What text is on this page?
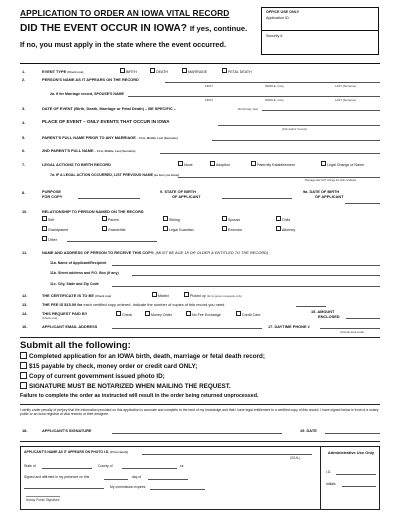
APPLICATION TO ORDER AN IOWA VITAL RECORD	OFFICE USE ONLY
Application ID
Security #
DID THE EVENT OCCUR IN IOWA? If yes, continue.
If no, you must apply in the state where the event occurred.
1.	EVENT TYPE (Check one)	BIRTH	DEATH	MARRIAGE	FETAL DEATH
2.	PERSON'S NAME AS IT APPEARS ON THE RECORD
FIRST	MIDDLE, if any	LAST (Surname)
2a. If for Marriage record, SPOUSE'S NAME
FIRST	MIDDLE, if any	LAST (Surname)
3.	DATE OF EVENT (Birth, Death, Marriage or Fetal Death) – BE SPECIFIC –	Month Day Year
4.	PLACE OF EVENT – ONLY EVENTS THAT OCCUR IN IOWA
(City and/or County)
5.	PARENT'S FULL NAME PRIOR TO ANY MARRIAGE – First, Middle, Last (Surname)
6.	2ND PARENT'S FULL NAME – First, Middle, Last (Surname)
7.	LEGAL ACTIONS TO BIRTH RECORD	None	Adoption	Paternity Establishment	Legal Change of Name
7a. IF A LEGAL ACTION OCCURRED, LIST PREVIOUS NAME (as best you know)
Marriage date NOT change the birth certificate
8.	PURPOSE
FOR COPY
9. STATE OF BIRTH
OF APPLICANT
9a. DATE OF BIRTH
OF APPLICANT
10.	RELATIONSHIP TO PERSON NAMED ON THE RECORD
Self	Parent	Sibling	Spouse	Child
Grandparent	Grandchild	Legal Guardian	Executor	Attorney
Other
11.	NAME AND ADDRESS OF PERSON TO RECEIVE THIS COPY: (MUST BE AGE 18 OR OLDER & ENTITLED TO THE RECORD)
11a. Name of Applicant/Recipient
11b. Street address and P.O. Box (if any)
11c. City, State and Zip Code
12.	THE CERTIFICATE IS TO BE (Check one)	Mailed	Picked up (for in-person requests only)
13.	THE FEE IS $15.00 for each certified copy ordered. Indicate the number of copies of this record you need.
14.	THIS REQUEST PAID BY
(Check one)
Check	Money Order	No Fee Exchange	Credit Card
15. AMOUNT
ENCLOSED
16.	APPLICANT EMAIL ADDRESS	17. DAYTIME PHONE #
(Include area code)
Submit all the following:
Completed application for an IOWA birth, death, marriage or fetal death record;
$15 payable by check, money order or credit card ONLY;
Copy of current government issued photo ID;
SIGNATURE MUST BE NOTARIZED WHEN MAILING THE REQUEST.
Failure to complete the order as instructed will result in the order being returned unprocessed.
I certify under penalty of perjury that the information provided on this application is accurate and complete to the best of my knowledge and that I have legal entitlement to a certified copy of this record. I have signed below in front of a notary public or an Iowa registrar of vital records or their designee.
18.	APPLICANT'S SIGNATURE	19. DATE
APPLICANT'S NAME AS IT APPEARS ON PHOTO I.D. (Print clearly)
(SEAL)
State of	County of	ss
Signed and affirmed in my presence on this	day of
My commission expires:
Notary Public Signature
Administrative Use Only
I.D.
Initials
